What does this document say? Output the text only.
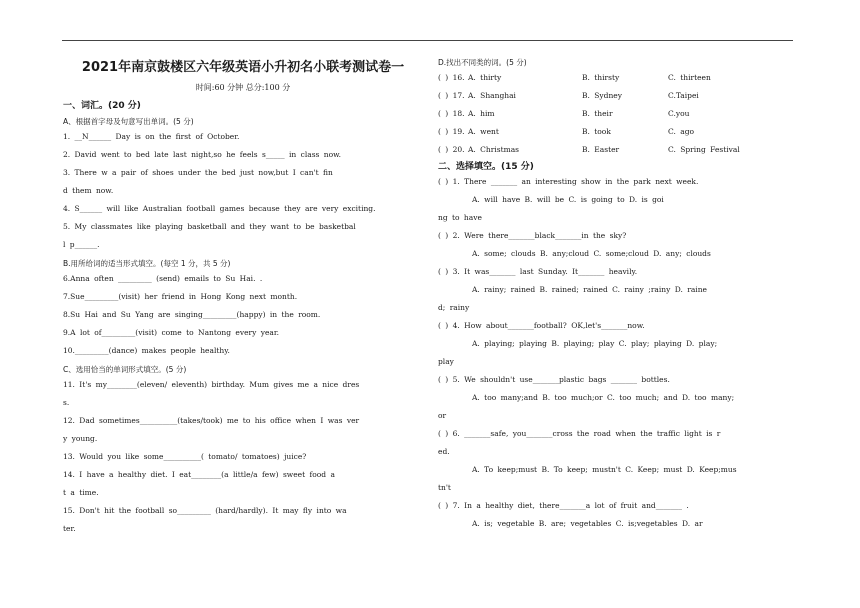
2021年南京鼓楼区六年级英语小升初名小联考测试卷一
时间:60 分钟 总分:100 分
一、词汇。(20 分)
A、根据首字母及句意写出单词。(5 分)
1. __N______ Day is on the first of October.
2. David went to bed late last night,so he feels s_____ in class now.
3. There w a pair of shoes under the bed just now,but I can't fin
d them now.
4. S______ will like Australian football games because they are very exciting.
5. My classmates like playing basketball and they want to be basketbal
l p______.
B.用所给词的适当形式填空。(每空 1 分，共 5 分)
6.Anna often _________ (send) emails to Su Hai. .
7.Sue_________(visit) her friend in Hong Kong next month.
8.Su Hai and Su Yang are singing_________(happy) in the room.
9.A lot of_________(visit) come to Nantong every year.
10._________(dance) makes people healthy.
C、选用恰当的单词形式填空。(5 分)
11. It's my________(eleven/ eleventh) birthday. Mum gives me a nice dres
s.
12. Dad sometimes__________(takes/took) me to his office when I was ver
y young.
13. Would you like some__________( tomato/ tomatoes) juice?
14. I have a healthy diet. I eat________(a little/a few) sweet food a
t a time.
15. Don't hit the football so_________ (hard/hardly). It may fly into wa
ter.
D.找出不同类的词。(5 分)
( ) 16. A. thirty	B. thirsty	C. thirteen
( ) 17. A. Shanghai	B. Sydney	C.Taipei
( ) 18. A. him	B. their	C.you
( ) 19. A. went	B. took	C. ago
( ) 20. A. Christmas	B. Easter	C. Spring Festival
二、选择填空。(15 分)
( ) 1. There _______ an interesting show in the park next week.
A. will have B. will be C. is going to D. is goi
ng to have
( ) 2. Were there_______black_______in the sky?
A. some; clouds B. any;cloud C. some;cloud D. any; clouds
( ) 3. It was_______ last Sunday. It_______ heavily.
A. rainy; rained B. rained; rained C. rainy ;rainy D. raine
d; rainy
( ) 4. How about_______football? OK,let's_______now.
A. playing; playing B. playing; play C. play; playing D. play;
play
( ) 5. We shouldn't use_______plastic bags _______ bottles.
A. too many;and B. too much;or C. too much; and D. too many;
or
( ) 6. _______safe, you_______cross the road when the traffic light is r
ed.
A. To keep;must B. To keep; mustn't C. Keep; must D. Keep;mus
tn't
( ) 7. In a healthy diet, there_______a lot of fruit and_______ .
A. is; vegetable B. are; vegetables C. is;vegetables D. ar
